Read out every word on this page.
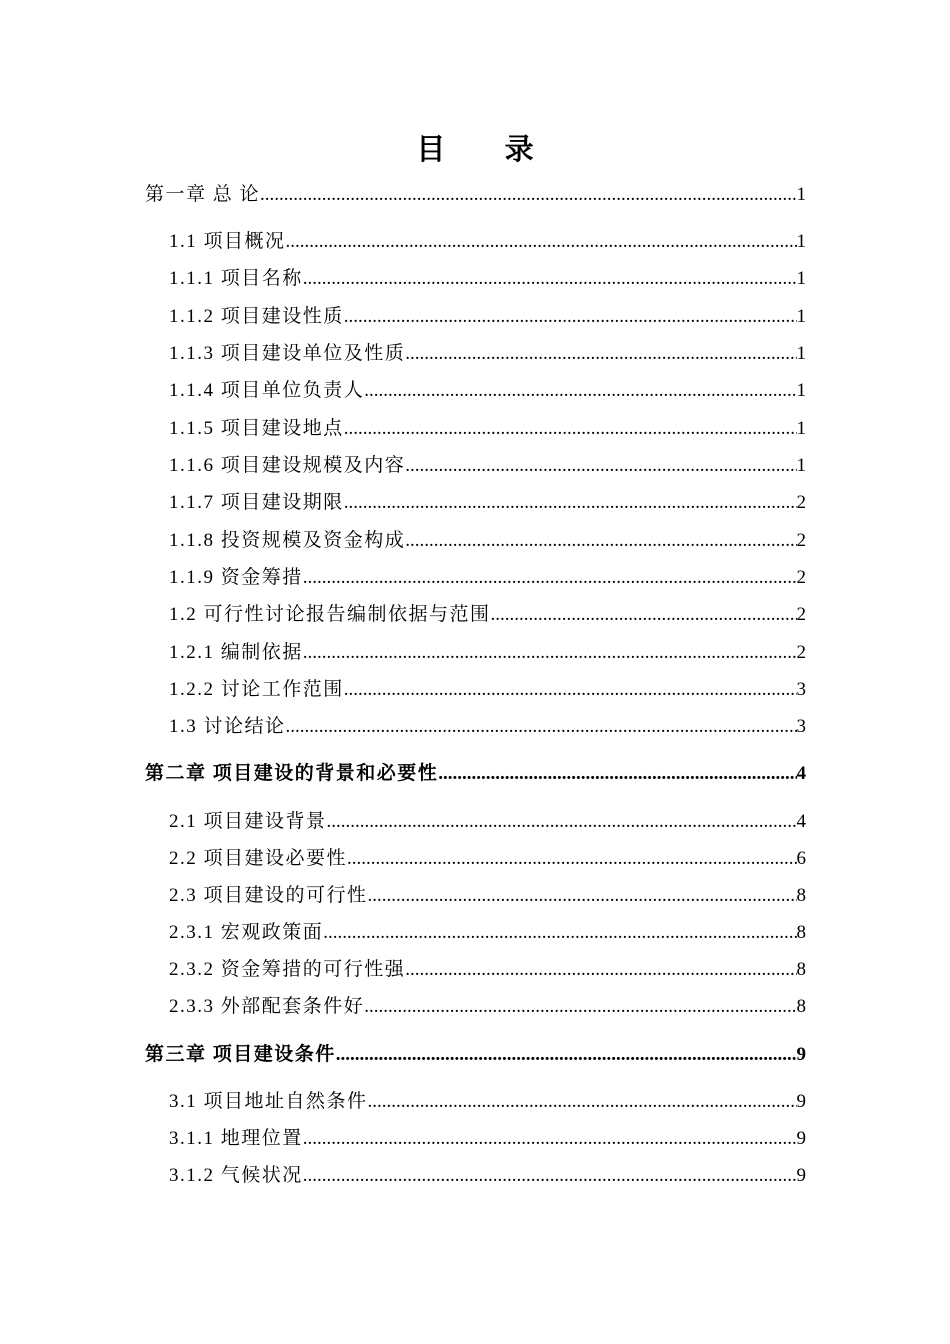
目 录
第一章 总 论 .....	1
1.1 项目概况 .....	1
1.1.1 项目名称 .....	1
1.1.2 项目建设性质 .....	1
1.1.3 项目建设单位及性质 .....	1
1.1.4 项目单位负责人 .....	1
1.1.5 项目建设地点 .....	1
1.1.6 项目建设规模及内容 .....	1
1.1.7 项目建设期限 .....	2
1.1.8 投资规模及资金构成 .....	2
1.1.9 资金筹措 .....	2
1.2 可行性讨论报告编制依据与范围 .....	2
1.2.1 编制依据 .....	2
1.2.2 讨论工作范围 .....	3
1.3 讨论结论 .....	3
第二章 项目建设的背景和必要性 .....	4
2.1 项目建设背景 .....	4
2.2 项目建设必要性 .....	6
2.3 项目建设的可行性 .....	8
2.3.1 宏观政策面 .....	8
2.3.2 资金筹措的可行性强 .....	8
2.3.3 外部配套条件好 .....	8
第三章 项目建设条件 .....	9
3.1 项目地址自然条件 .....	9
3.1.1 地理位置 .....	9
3.1.2 气候状况 .....	9
